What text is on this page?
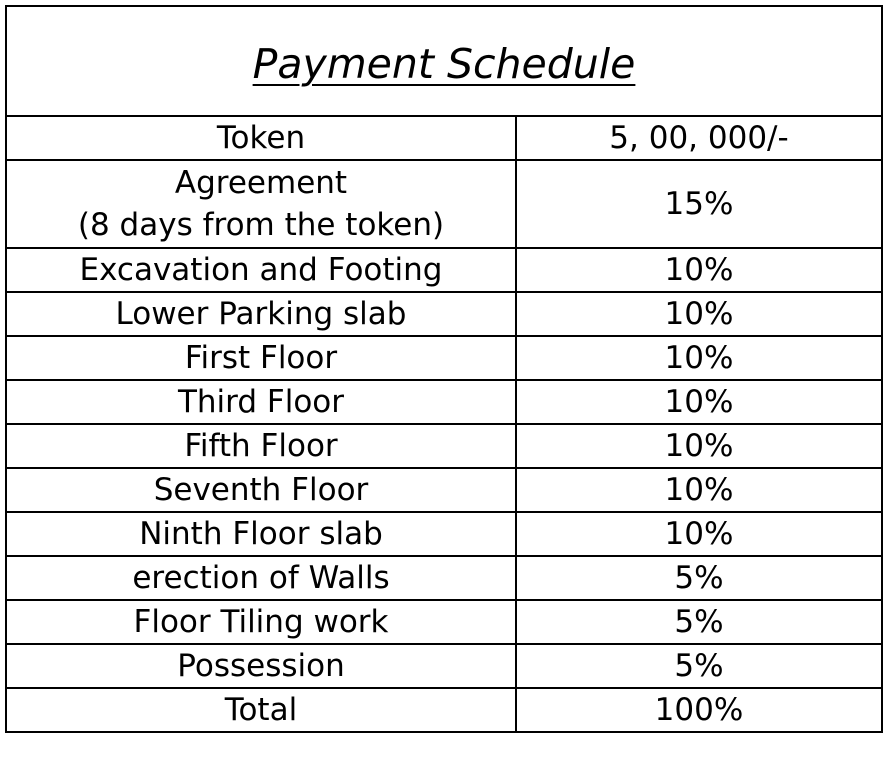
Payment Schedule	
Token	5, 00, 000/-

Agreement
(8 days from the token)	15%
Excavation and Footing	10%
Lower Parking slab	10%
First Floor	10%
Third Floor	10%
Fifth Floor	10%
Seventh Floor	10%
Ninth Floor slab	10%
erection of Walls	5%
Floor Tiling work	5%
Possession	5%
Total	100%
